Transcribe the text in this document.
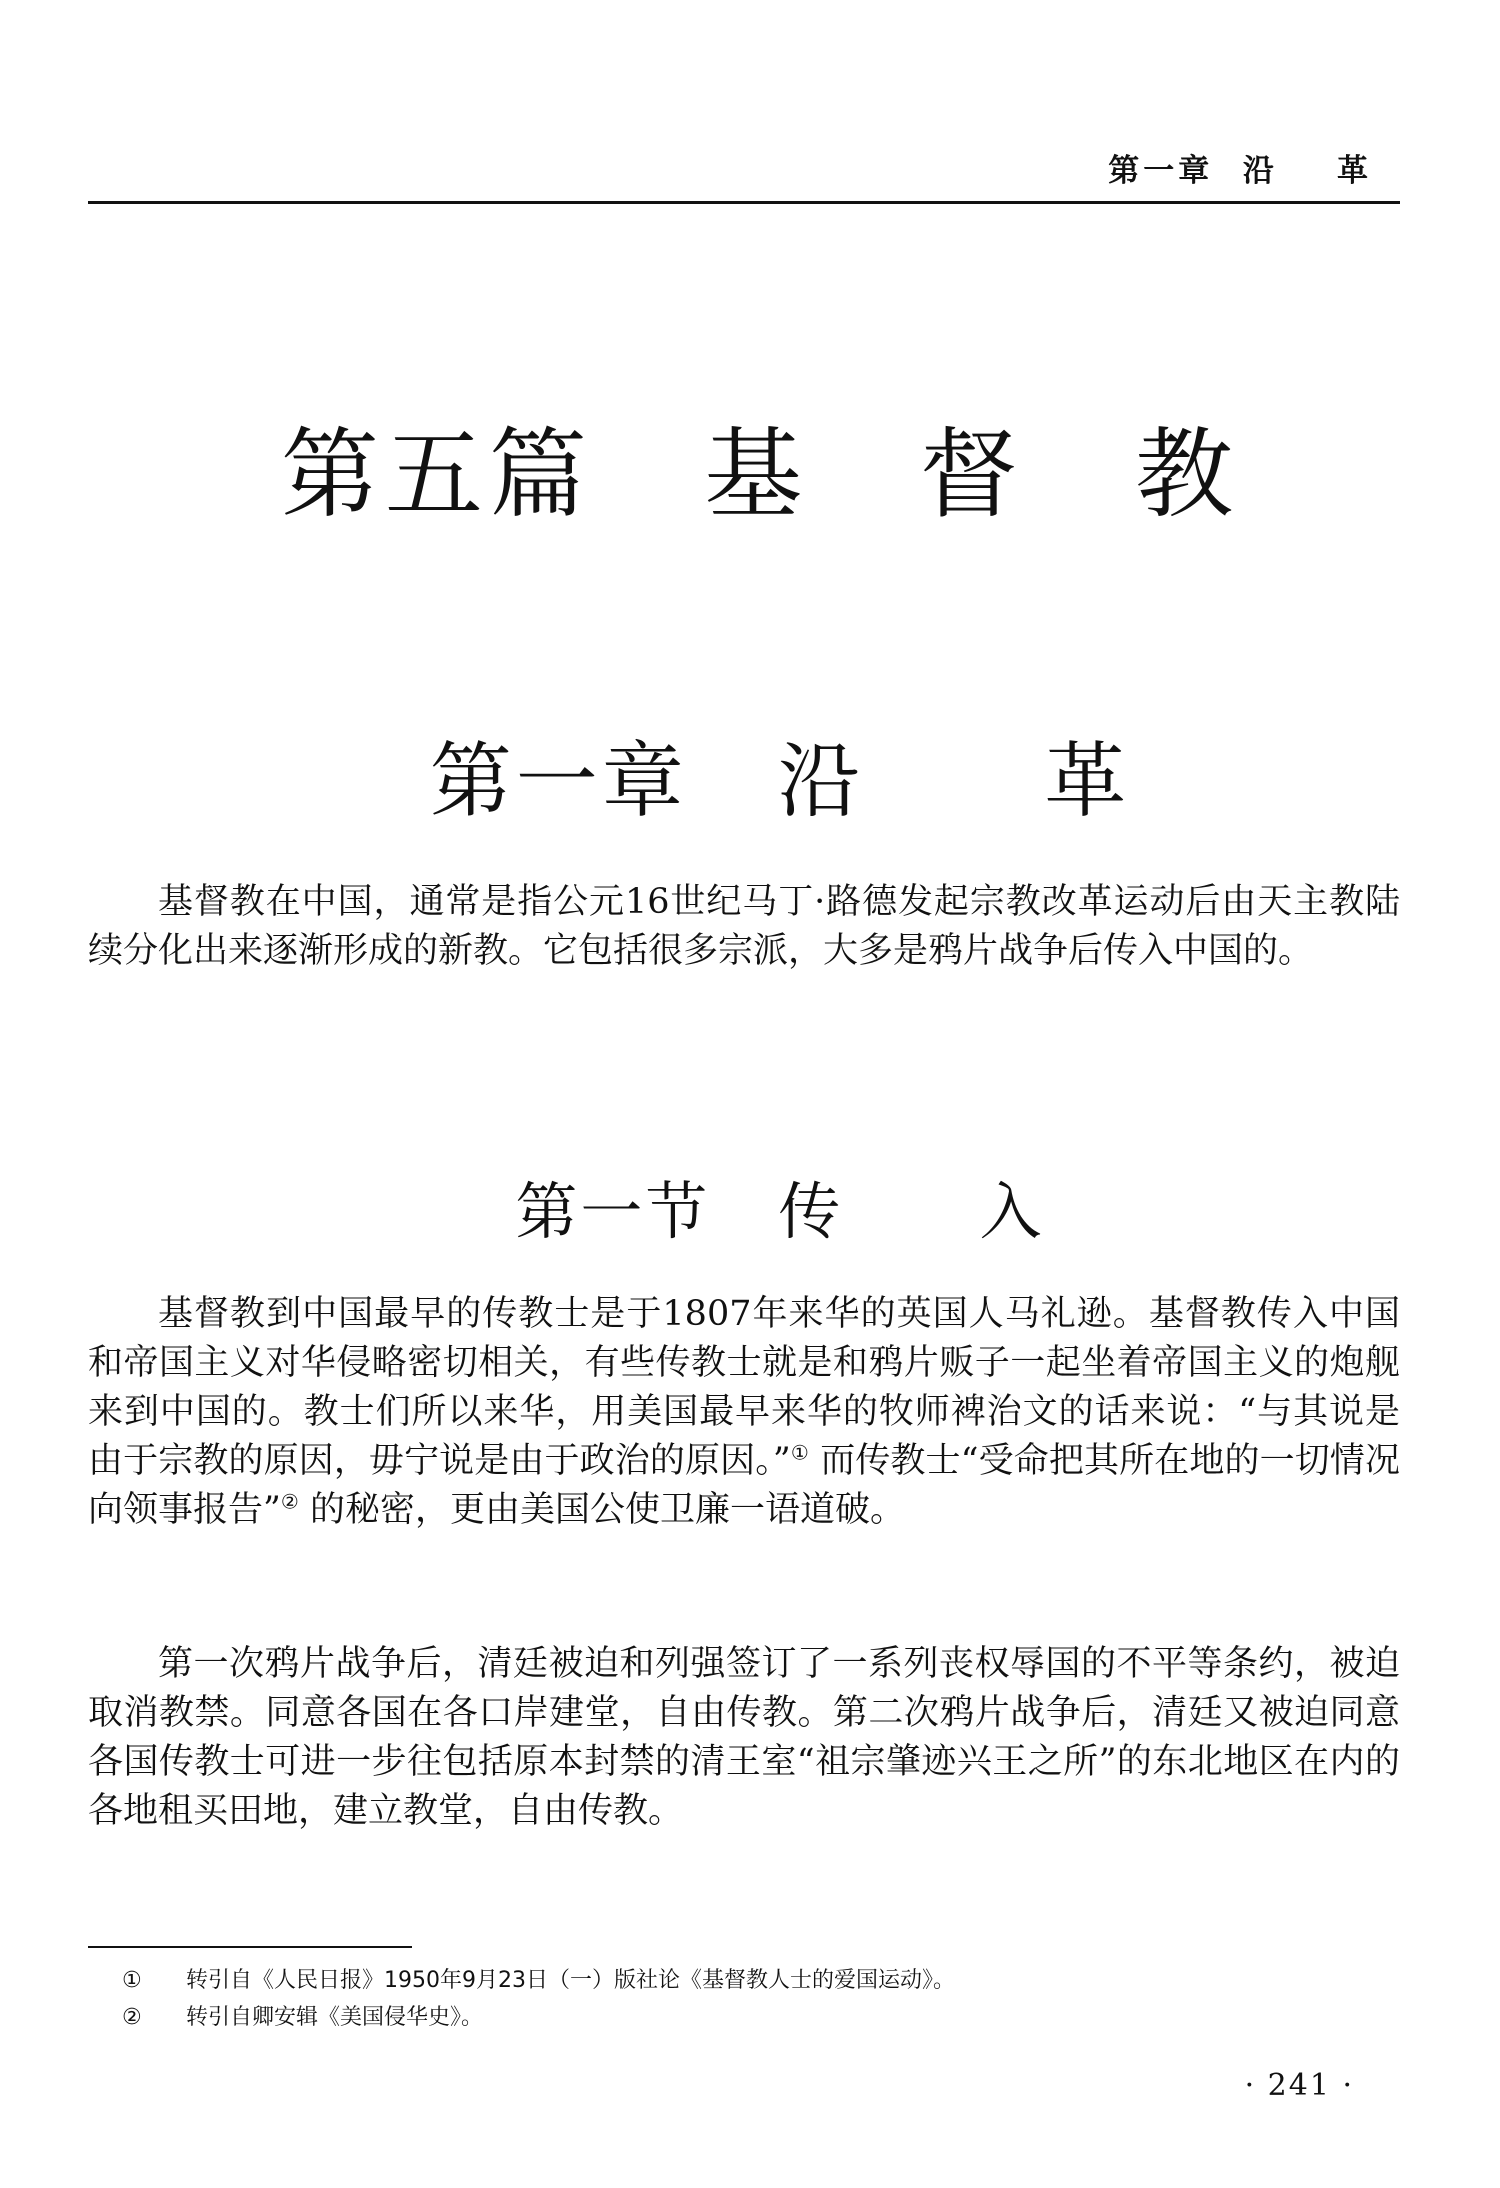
第一章  沿    革
第五篇   基   督   教
第一章   沿      革

基督教在中国，通常是指公元16世纪马丁·路德发起宗教改革运动后由天主教陆续分化出来逐渐形成的新教。它包括很多宗派，大多是鸦片战争后传入中国的。

第一节   传      入

基督教到中国最早的传教士是于1807年来华的英国人马礼逊。基督教传入中国和帝国主义对华侵略密切相关，有些传教士就是和鸦片贩子一起坐着帝国主义的炮舰来到中国的。教士们所以来华，用美国最早来华的牧师裨治文的话来说：“与其说是由于宗教的原因，毋宁说是由于政治的原因。”① 而传教士“受命把其所在地的一切情况向领事报告”② 的秘密，更由美国公使卫廉一语道破。

第一次鸦片战争后，清廷被迫和列强签订了一系列丧权辱国的不平等条约，被迫取消教禁。同意各国在各口岸建堂，自由传教。第二次鸦片战争后，清廷又被迫同意各国传教士可进一步往包括原本封禁的清王室“祖宗肇迹兴王之所”的东北地区在内的各地租买田地，建立教堂，自由传教。

① 转引自《人民日报》1950年9月23日（一）版社论《基督教人士的爱国运动》。
② 转引自卿安辑《美国侵华史》。
· 241 ·
